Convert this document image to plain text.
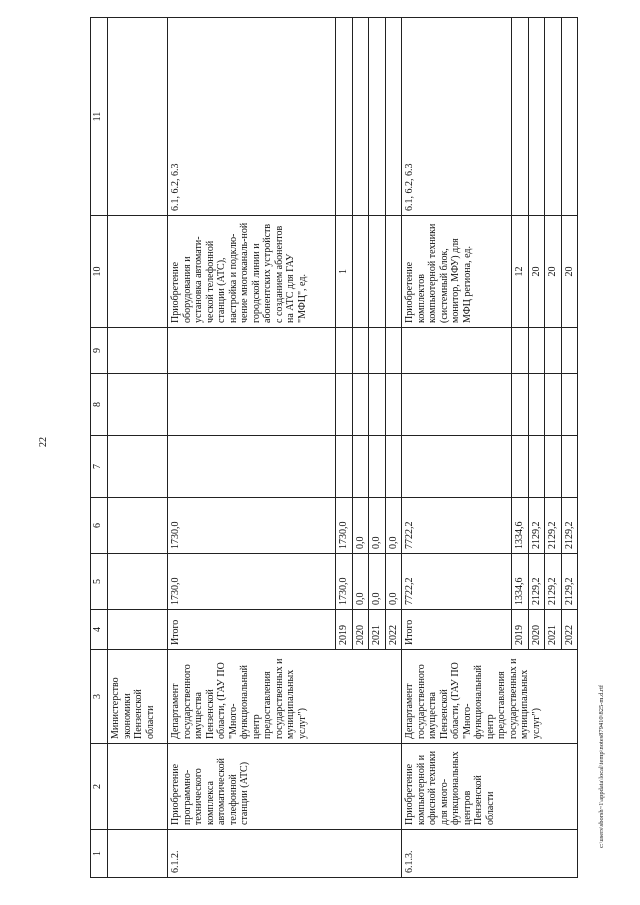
22
1	2	3	4	5	6	7	8	9	10	11
		Министерство экономики Пензенской области								
6.1.2.	Приобретение программно-технического комплекса автоматической телефонной станции (АТС)	Департамент государственного имущества Пензенской области, (ГАУ ПО "Много-функциональный центр предоставления государственных и муниципальных услуг")	Итого	1730,0	1730,0				Приобретение оборудования и установка автомати-ческой телефонной станции (АТС), настройка и подклю-чение многоканаль-ной городской линии и абонентских устройств с созданием абонентов на АТС для ГАУ "МФЦ", ед.	6.1, 6.2, 6.3
			2019	1730,0	1730,0				1	
			2020	0,0	0,0					
			2021	0,0	0,0					
			2022	0,0	0,0					
6.1.3.	Приобретение компьютерной и офисной техники для много-функциональных центров Пензенской области	Департамент государственного имущества Пензенской области, (ГАУ ПО "Много-функциональный центр предоставления государственных и муниципальных услуг")	Итого	7722,2	7722,2				Приобретение комплектов компьютерной техники (системный блок, монитор, МФУ) для МФЦ региона, ед.	6.1, 6.2, 6.3
			2019	1334,6	1334,6				12	
			2020	2129,2	2129,2				20	
			2021	2129,2	2129,2				20	
			2022	2129,2	2129,2				20	
c:\users\sborsh~1\appdata\local\temp\notes879410\825-m.d.rtf
